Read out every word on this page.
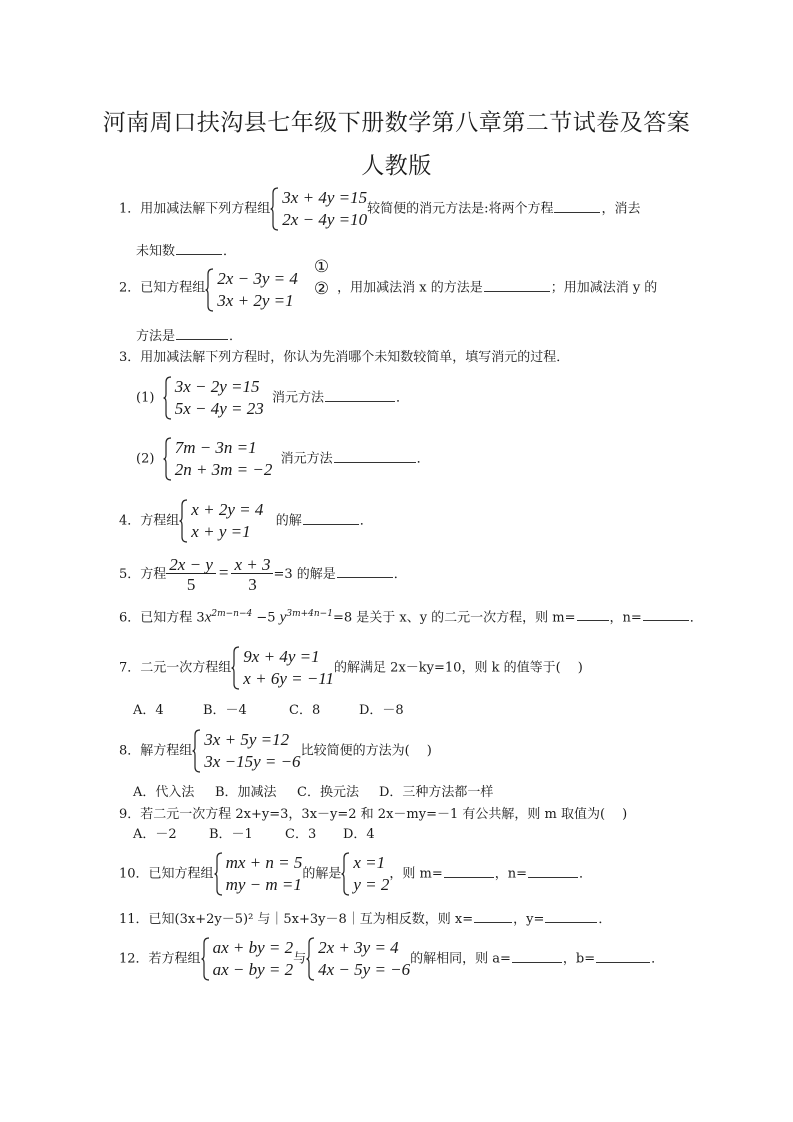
河南周口扶沟县七年级下册数学第八章第二节试卷及答案
人教版
1．用加减法解下列方程组
3x + 4y =15
2x − 4y =10
较简便的消元方法是:将两个方程	，消去
未知数	．
2．已知方程组 2x − 3y = 4
3x + 2y =1
①
② ，用加减法消 x 的方法是	；用加减法消 y 的
方法是	．
3．用加减法解下列方程时，你认为先消哪个未知数较简单，填写消元的过程．
(1)
3x − 2y =15
5x − 4y = 23
消元方法	．
(2)
7m − 3n =1
2n + 3m = −2
消元方法	．
4．方程组
x + 2y = 4
x + y =1
的解	．
5．方程 $\frac{2x - y}{5} = \frac{x + 3}{3} =3$ 的解是	．
6．已知方程 $3x^{2m-n-4} -5$ $y^{3m+4n-1}=8$ 是关于 x、y 的二元一次方程，则 m=	，n=	．
7．二元一次方程组
9x + 4y =1
x + 6y = −11
的解满足 2x－ky=10，则 k 的值等于(　 )
A．4	B．－4	C．8	D．－8
8．解方程组
3x + 5y =12
3x −15y = −6
比较简便的方法为(　 )
A．代入法 B．加减法 C．换元法 D．三种方法都一样
9．若二元一次方程 2x+y=3，3x－y=2 和 2x－my=－1 有公共解，则 m 取值为(　 )
A．－2 B．－1 C．3 D．4
10．已知方程组
mx + n = 5
my − m =1
的解是
x =1
y = 2
，则 m=	，n=	．
11．已知(3x+2y－5)² 与｜5x+3y－8｜互为相反数，则 x=	，y=	．
12．若方程组
ax + by = 2
ax − by = 2
与
2x + 3y = 4
4x − 5y = −6
的解相同，则 a=	，b=	．
